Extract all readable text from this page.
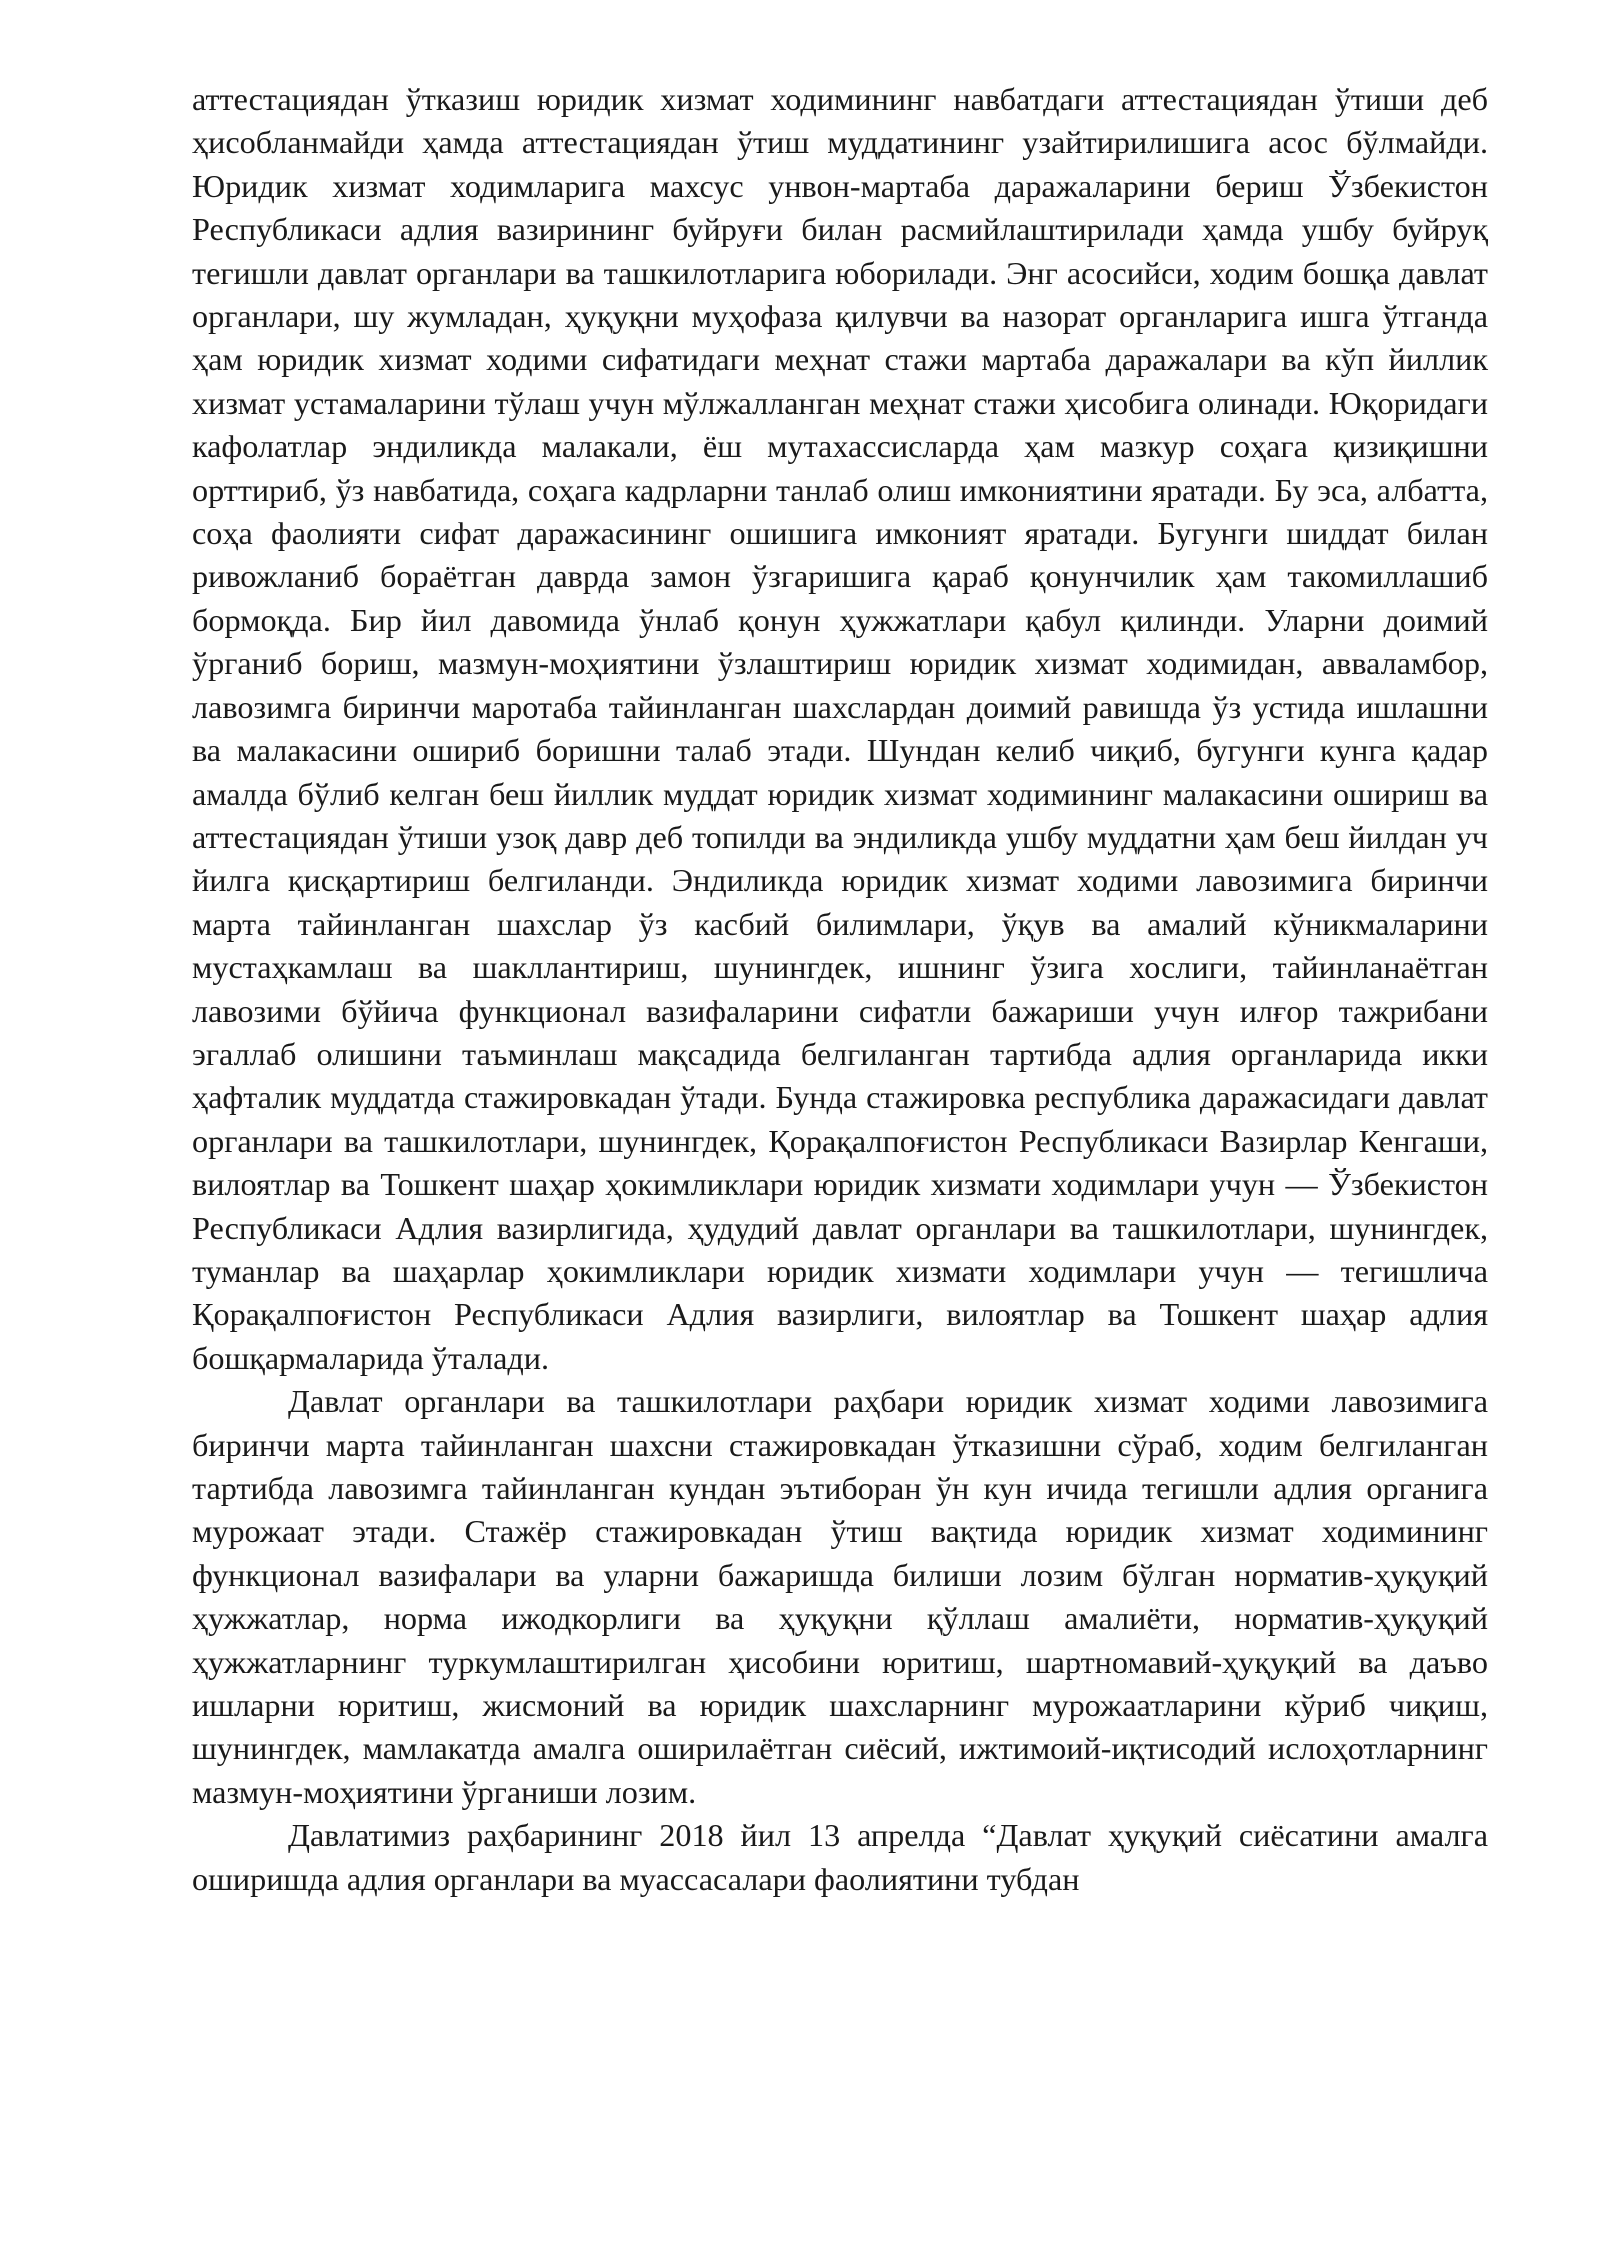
аттестациядан ўтказиш юридик хизмат ходимининг навбатдаги аттестациядан ўтиши деб ҳисобланмайди ҳамда аттестациядан ўтиш муддатининг узайтирилишига асос бўлмайди. Юридик хизмат ходимларига махсус унвон-мартаба даражаларини бериш Ўзбекистон Республикаси адлия вазирининг буйруғи билан расмийлаштирилади ҳамда ушбу буйруқ тегишли давлат органлари ва ташкилотларига юборилади. Энг асосийси, ходим бошқа давлат органлари, шу жумладан, ҳуқуқни муҳофаза қилувчи ва назорат органларига ишга ўтганда ҳам юридик хизмат ходими сифатидаги меҳнат стажи мартаба даражалари ва кўп йиллик хизмат устамаларини тўлаш учун мўлжалланган меҳнат стажи ҳисобига олинади. Юқоридаги кафолатлар эндиликда малакали, ёш мутахассисларда ҳам мазкур соҳага қизиқишни орттириб, ўз навбатида, соҳага кадрларни танлаб олиш имкониятини яратади. Бу эса, албатта, соҳа фаолияти сифат даражасининг ошишига имконият яратади. Бугунги шиддат билан ривожланиб бораётган даврда замон ўзгаришига қараб қонунчилик ҳам такомиллашиб бормоқда. Бир йил давомида ўнлаб қонун ҳужжатлари қабул қилинди. Уларни доимий ўрганиб бориш, мазмун-моҳиятини ўзлаштириш юридик хизмат ходимидан, авваламбор, лавозимга биринчи маротаба тайинланган шахслардан доимий равишда ўз устида ишлашни ва малакасини ошириб боришни талаб этади. Шундан келиб чиқиб, бугунги кунга қадар амалда бўлиб келган беш йиллик муддат юридик хизмат ходимининг малакасини ошириш ва аттестациядан ўтиши узоқ давр деб топилди ва эндиликда ушбу муддатни ҳам беш йилдан уч йилга қисқартириш белгиланди. Эндиликда юридик хизмат ходими лавозимига биринчи марта тайинланган шахслар ўз касбий билимлари, ўқув ва амалий кўникмаларини мустаҳкамлаш ва шакллантириш, шунингдек, ишнинг ўзига хослиги, тайинланаётган лавозими бўйича функционал вазифаларини сифатли бажариши учун илғор тажрибани эгаллаб олишини таъминлаш мақсадида белгиланган тартибда адлия органларида икки ҳафталик муддатда стажировкадан ўтади. Бунда стажировка республика даражасидаги давлат органлари ва ташкилотлари, шунингдек, Қорақалпоғистон Республикаси Вазирлар Кенгаши, вилоятлар ва Тошкент шаҳар ҳокимликлари юридик хизмати ходимлари учун — Ўзбекистон Республикаси Адлия вазирлигида, ҳудудий давлат органлари ва ташкилотлари, шунингдек, туманлар ва шаҳарлар ҳокимликлари юридик хизмати ходимлари учун — тегишлича Қорақалпоғистон Республикаси Адлия вазирлиги, вилоятлар ва Тошкент шаҳар адлия бошқармаларида ўталади.

Давлат органлари ва ташкилотлари раҳбари юридик хизмат ходими лавозимига биринчи марта тайинланган шахсни стажировкадан ўтказишни сўраб, ходим белгиланган тартибда лавозимга тайинланган кундан эътиборан ўн кун ичида тегишли адлия органига мурожаат этади. Стажёр стажировкадан ўтиш вақтида юридик хизмат ходимининг функционал вазифалари ва уларни бажаришда билиши лозим бўлган норматив-ҳуқуқий ҳужжатлар, норма ижодкорлиги ва ҳуқуқни қўллаш амалиёти, норматив-ҳуқуқий ҳужжатларнинг туркумлаштирилган ҳисобини юритиш, шартномавий-ҳуқуқий ва даъво ишларни юритиш, жисмоний ва юридик шахсларнинг мурожаатларини кўриб чиқиш, шунингдек, мамлакатда амалга оширилаётган сиёсий, ижтимоий-иқтисодий ислоҳотларнинг мазмун-моҳиятини ўрганиши лозим.

Давлатимиз раҳбарининг 2018 йил 13 апрелда “Давлат ҳуқуқий сиёсатини амалга оширишда адлия органлари ва муассасалари фаолиятини тубдан
